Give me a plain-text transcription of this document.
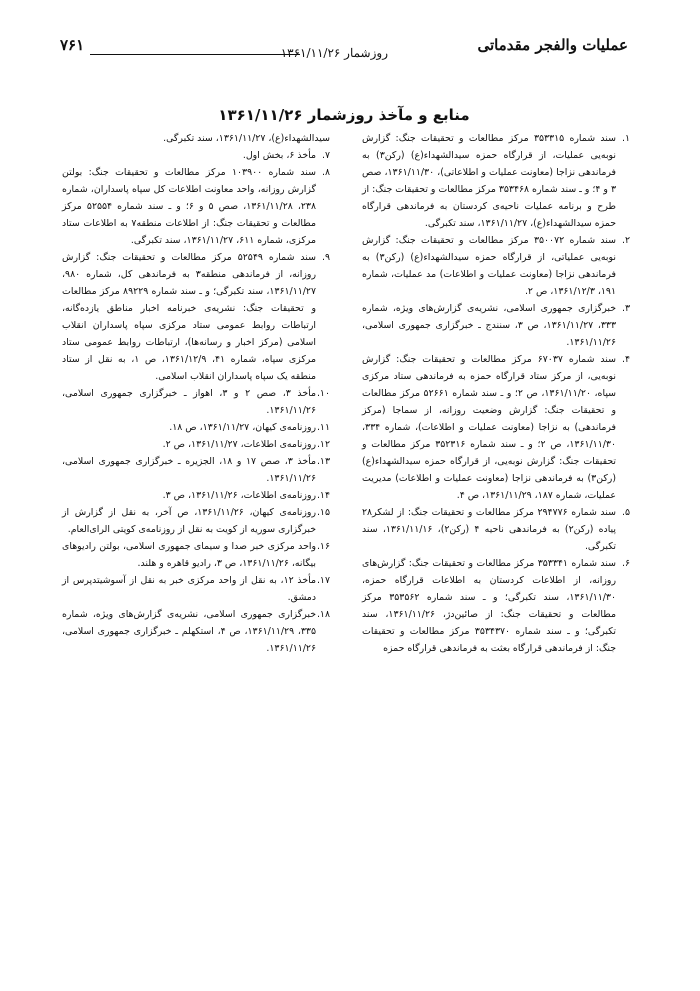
عملیات والفجر مقدماتی
روزشمار ۱۳۶۱/۱۱/۲۶
۷۶۱
منابع و مآخذ روزشمار ۱۳۶۱/۱۱/۲۶
۱.
سند شماره ۳۵۳۳۱۵ مرکز مطالعات و تحقیقات جنگ: گزارش نوبه‌یی عملیات، از قرارگاه حمزه سیدالشهداء(ع) (رکن۳) به فرماندهی نزاجا (معاونت عملیات و اطلاعاتی)، ۱۳۶۱/۱۱/۳۰، صص ۳ و ۴؛ و ـ سند شماره ۳۵۳۴۶۸ مرکز مطالعات و تحقیقات جنگ: از طرح و برنامه عملیات ناحیه‌ی کردستان به فرماندهی قرارگاه حمزه سیدالشهداء(ع)، ۱۳۶۱/۱۱/۲۷، سند تکبرگی.
۲.
سند شماره ۳۵۰۰۷۲ مرکز مطالعات و تحقیقات جنگ: گزارش نوبه‌یی عملیاتی، از قرارگاه حمزه سیدالشهداء(ع) (رکن۳) به فرماندهی نزاجا (معاونت عملیات و اطلاعات) مد عملیات، شماره ۱۹۱، ۱۳۶۱/۱۲/۳، ص ۲.
۳.
خبرگزاری جمهوری اسلامی، نشریه‌ی گزارش‌های ویژه، شماره ۳۳۳، ۱۳۶۱/۱۱/۲۷، ص ۳، سنندج ـ خبرگزاری جمهوری اسلامی، ۱۳۶۱/۱۱/۲۶.
۴.
سند شماره ۶۷۰۳۷ مرکز مطالعات و تحقیقات جنگ: گزارش نوبه‌یی، از مرکز ستاد قرارگاه حمزه به فرماندهی ستاد مرکزی سپاه، ۱۳۶۱/۱۱/۲۰، ص ۲؛ و ـ سند شماره ۵۲۶۶۱ مرکز مطالعات و تحقیقات جنگ: گزارش وضعیت روزانه، از سماجا (مرکز فرماندهی) به نزاجا (معاونت عملیات و اطلاعات)، شماره ۳۳۴، ۱۳۶۱/۱۱/۳۰، ص ۲؛ و ـ سند شماره ۳۵۲۳۱۶ مرکز مطالعات و تحقیقات جنگ: گزارش نوبه‌یی، از قرارگاه حمزه سیدالشهداء(ع) (رکن۳) به فرماندهی نزاجا (معاونت عملیات و اطلاعات) مدیریت عملیات، شماره ۱۸۷، ۱۳۶۱/۱۱/۲۹، ص ۴.
۵.
سند شماره ۲۹۴۷۷۶ مرکز مطالعات و تحقیقات جنگ: از لشکر۲۸ پیاده (رکن۲) به فرماندهی ناحیه ۴ (رکن۲)، ۱۳۶۱/۱۱/۱۶، سند تکبرگی.
۶.
سند شماره ۳۵۳۳۴۱ مرکز مطالعات و تحقیقات جنگ: گزارش‌های روزانه، از اطلاعات کردستان به اطلاعات قرارگاه حمزه، ۱۳۶۱/۱۱/۳۰، سند تکبرگی؛ و ـ سند شماره ۳۵۳۵۶۲ مرکز مطالعات و تحقیقات جنگ: از صائین‌دژ، ۱۳۶۱/۱۱/۲۶، سند تکبرگی؛ و ـ سند شماره ۳۵۳۴۳۷۰ مرکز مطالعات و تحقیقات جنگ: از فرماندهی قرارگاه بعثت به فرماندهی قرارگاه حمزه
سیدالشهداء(ع)، ۱۳۶۱/۱۱/۲۷، سند تکبرگی.
۷.
مأخذ ۶، بخش اول.
۸.
سند شماره ۱۰۳۹۰۰ مرکز مطالعات و تحقیقات جنگ: بولتن گزارش روزانه، واحد معاونت اطلاعات کل سپاه پاسداران، شماره ۲۳۸، ۱۳۶۱/۱۱/۲۸، صص ۵ و ۶؛ و ـ سند شماره ۵۲۵۵۴ مرکز مطالعات و تحقیقات جنگ: از اطلاعات منطقه۷ به اطلاعات ستاد مرکزی، شماره ۶۱۱، ۱۳۶۱/۱۱/۲۷، سند تکبرگی.
۹.
سند شماره ۵۲۵۴۹ مرکز مطالعات و تحقیقات جنگ: گزارش روزانه، از فرماندهی منطقه۳ به فرماندهی کل، شماره ۹۸۰، ۱۳۶۱/۱۱/۲۷، سند تکبرگی؛ و ـ سند شماره ۸۹۲۲۹ مرکز مطالعات و تحقیقات جنگ: نشریه‌ی خبرنامه اخبار مناطق یازده‌گانه، ارتباطات روابط عمومی ستاد مرکزی سپاه پاسداران انقلاب اسلامی (مرکز اخبار و رسانه‌ها)، ارتباطات روابط عمومی ستاد مرکزی سپاه، شماره ۴۱، ۱۳۶۱/۱۲/۹، ص ۱، به نقل از ستاد منطقه یک سپاه پاسداران انقلاب اسلامی.
۱۰.
مأخذ ۳، صص ۲ و ۳، اهواز ـ خبرگزاری جمهوری اسلامی، ۱۳۶۱/۱۱/۲۶.
۱۱.
روزنامه‌ی کیهان، ۱۳۶۱/۱۱/۲۷، ص ۱۸.
۱۲.
روزنامه‌ی اطلاعات، ۱۳۶۱/۱۱/۲۷، ص ۲.
۱۳.
مأخذ ۳، صص ۱۷ و ۱۸، الجزیره ـ خبرگزاری جمهوری اسلامی، ۱۳۶۱/۱۱/۲۶.
۱۴.
روزنامه‌ی اطلاعات، ۱۳۶۱/۱۱/۲۶، ص ۳.
۱۵.
روزنامه‌ی کیهان، ۱۳۶۱/۱۱/۲۶، ص آخر، به نقل از گزارش از خبرگزاری سوریه از کویت به نقل از روزنامه‌ی کویتی الرای‌العام.
۱۶.
واحد مرکزی خبر صدا و سیمای جمهوری اسلامی، بولتن رادیوهای بیگانه، ۱۳۶۱/۱۱/۲۶، ص ۳، رادیو قاهره و هلند.
۱۷.
مأخذ ۱۲، به نقل از واحد مرکزی خبر به نقل از آسوشیتدپرس از دمشق.
۱۸.
خبرگزاری جمهوری اسلامی، نشریه‌ی گزارش‌های ویژه، شماره ۳۳۵، ۱۳۶۱/۱۱/۲۹، ص ۴، استکهلم ـ خبرگزاری جمهوری اسلامی، ۱۳۶۱/۱۱/۲۶.
